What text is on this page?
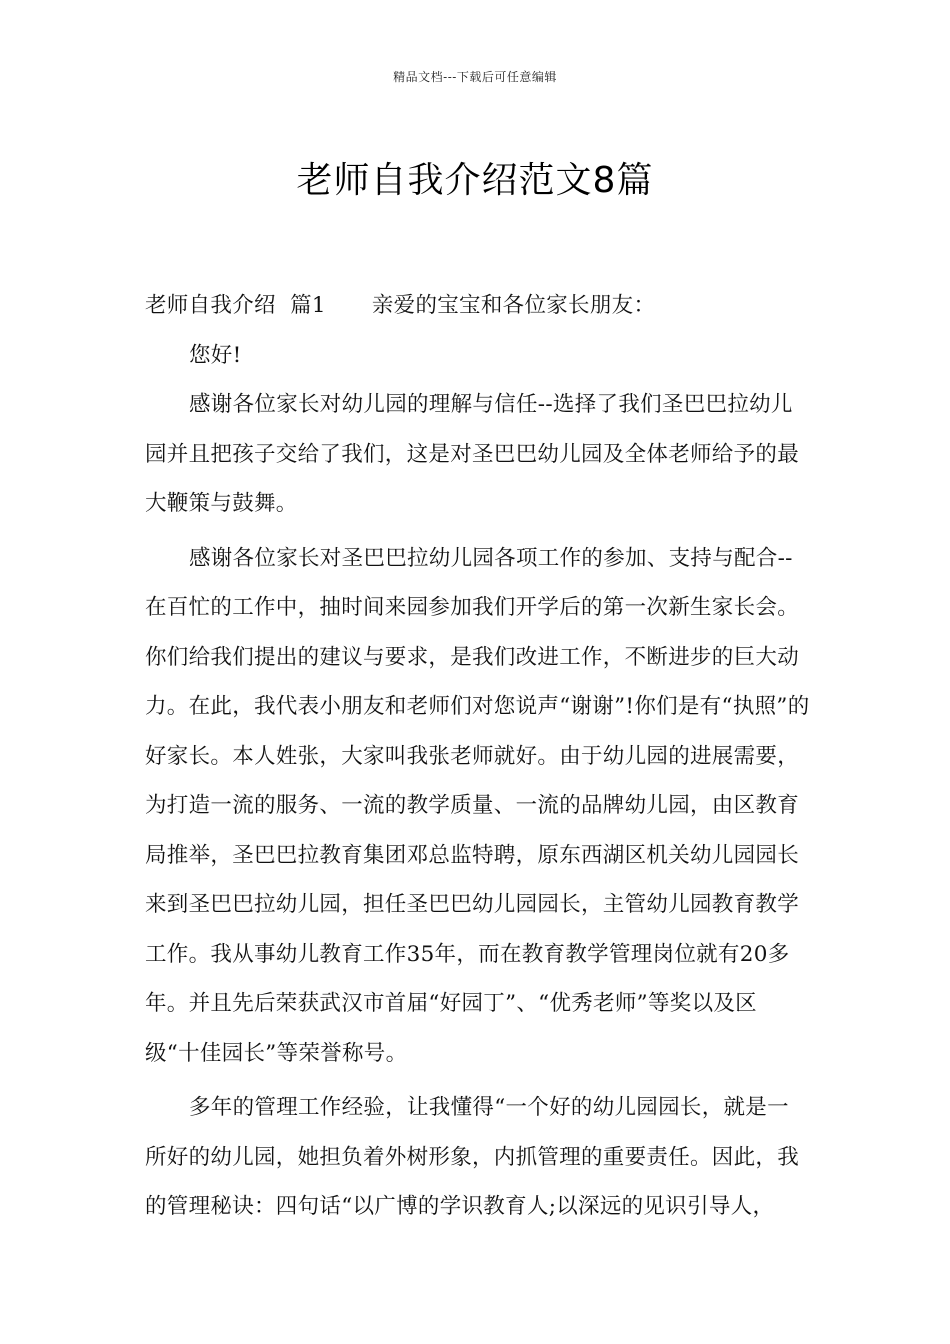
精品文档---下载后可任意编辑
老师自我介绍范文8篇

老师自我介绍  篇1 亲爱的宝宝和各位家长朋友：

您好!

感谢各位家长对幼儿园的理解与信任--选择了我们圣巴巴拉幼儿园并且把孩子交给了我们，这是对圣巴巴幼儿园及全体老师给予的最大鞭策与鼓舞。

感谢各位家长对圣巴巴拉幼儿园各项工作的参加、支持与配合--在百忙的工作中，抽时间来园参加我们开学后的第一次新生家长会。你们给我们提出的建议与要求，是我们改进工作，不断进步的巨大动力。在此，我代表小朋友和老师们对您说声“谢谢”!你们是有“执照”的好家长。本人姓张，大家叫我张老师就好。由于幼儿园的进展需要，为打造一流的服务、一流的教学质量、一流的品牌幼儿园，由区教育局推举，圣巴巴拉教育集团邓总监特聘，原东西湖区机关幼儿园园长来到圣巴巴拉幼儿园，担任圣巴巴幼儿园园长，主管幼儿园教育教学工作。我从事幼儿教育工作35年，而在教育教学管理岗位就有20多年。并且先后荣获武汉市首届“好园丁”、“优秀老师”等奖以及区级“十佳园长”等荣誉称号。

多年的管理工作经验，让我懂得“一个好的幼儿园园长，就是一所好的幼儿园，她担负着外树形象，内抓管理的重要责任。因此，我的管理秘诀：四句话“以广博的学识教育人;以深远的见识引导人，
